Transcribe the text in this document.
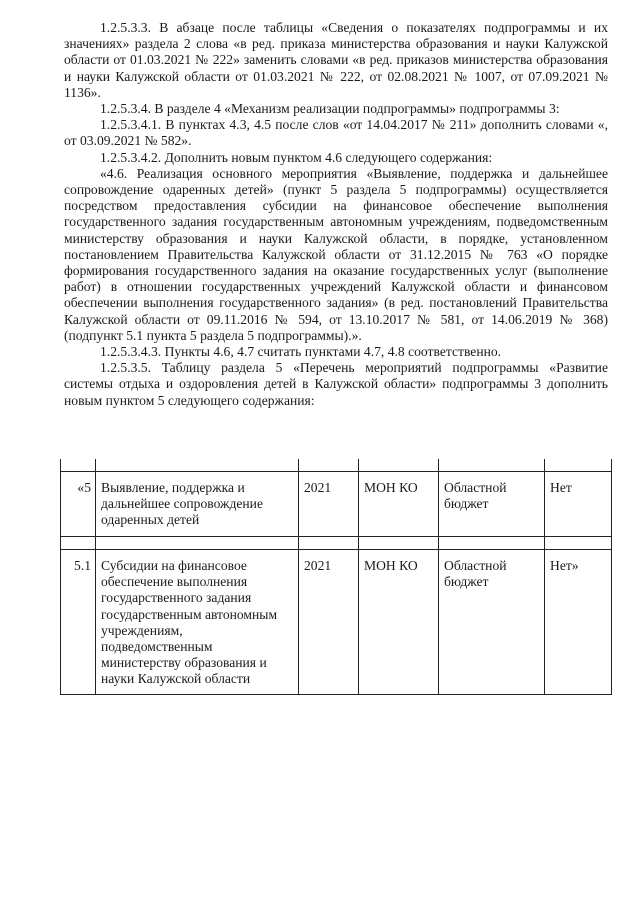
1.2.5.3.3. В абзаце после таблицы «Сведения о показателях подпрограммы и их значениях» раздела 2 слова «в ред. приказа министерства образования и науки Калужской области от 01.03.2021 № 222» заменить словами «в ред. приказов министерства образования и науки Калужской области от 01.03.2021 № 222, от 02.08.2021 № 1007, от 07.09.2021 № 1136».

1.2.5.3.4. В разделе 4 «Механизм реализации подпрограммы» подпрограммы 3:

1.2.5.3.4.1. В пунктах 4.3, 4.5 после слов «от 14.04.2017 № 211» дополнить словами «, от 03.09.2021 № 582».

1.2.5.3.4.2. Дополнить новым пунктом 4.6 следующего содержания:

«4.6. Реализация основного мероприятия «Выявление, поддержка и дальнейшее сопровождение одаренных детей» (пункт 5 раздела 5 подпрограммы) осуществляется посредством предоставления субсидии на финансовое обеспечение выполнения государственного задания государственным автономным учреждениям, подведомственным министерству образования и науки Калужской области, в порядке, установленном постановлением Правительства Калужской области от 31.12.2015 № 763 «О порядке формирования государственного задания на оказание государственных услуг (выполнение работ) в отношении государственных учреждений Калужской области и финансовом обеспечении выполнения государственного задания» (в ред. постановлений Правительства Калужской области от 09.11.2016 № 594, от 13.10.2017 № 581, от 14.06.2019 № 368) (подпункт 5.1 пункта 5 раздела 5 подпрограммы).».

1.2.5.3.4.3. Пункты 4.6, 4.7 считать пунктами 4.7, 4.8 соответственно.

1.2.5.3.5. Таблицу раздела 5 «Перечень мероприятий подпрограммы «Развитие системы отдыха и оздоровления детей в Калужской области» подпрограммы 3 дополнить новым пунктом 5 следующего содержания:

«5	Выявление, поддержка и дальнейшее сопровождение одаренных детей	2021	МОН КО	Областной бюджет	Нет

5.1	Субсидии на финансовое обеспечение выполнения государственного задания государственным автономным учреждениям, подведомственным министерству образования и науки Калужской области	2021	МОН КО	Областной бюджет	Нет»
